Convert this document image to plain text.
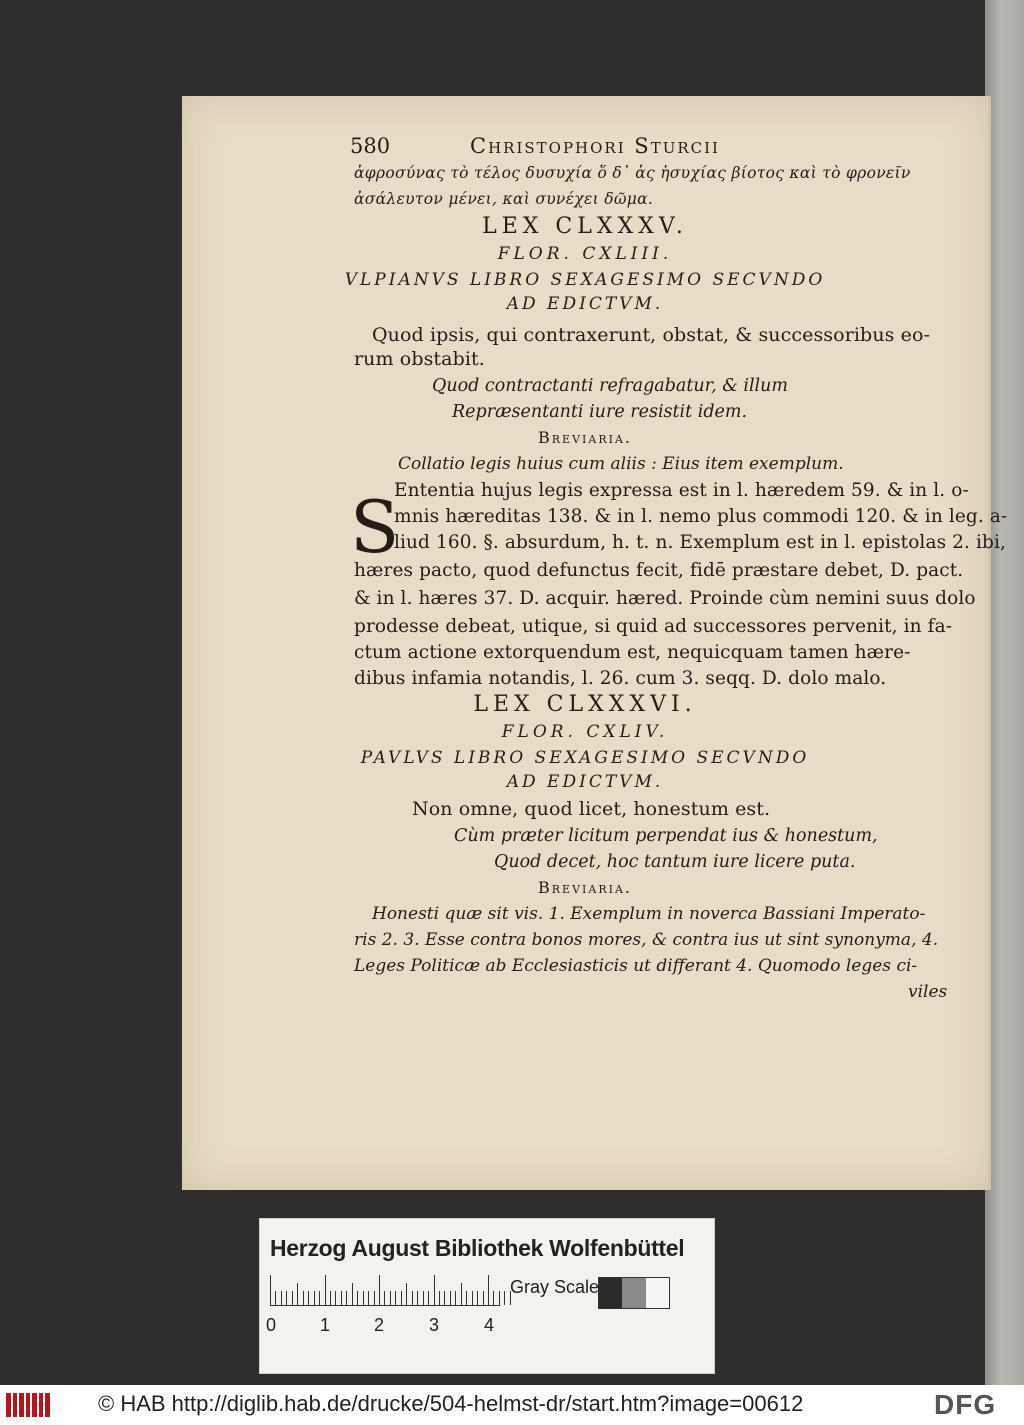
580	Christophori Sturcii
ἀφροσύνας τὸ τέλος δυσυχία ὅ δ᾽ ἁς ἡσυχίας βίοτος καὶ τὸ φρονεῖν
ἀσάλευτον μένει, καὶ συνέχει δῶμα.
LEX CLXXXV.
FLOR. CXLIII.
VLPIANVS LIBRO SEXAGESIMO SECVNDO
AD EDICTVM.
Quod ipsis, qui contraxerunt, obstat, & successoribus eo-
rum obstabit.
Quod contractanti refragabatur, & illum
Repræsentanti iure resistit idem.
Breviaria.
Collatio legis huius cum aliis : Eius item exemplum.
S
Ententia hujus legis expressa est in l. hæredem 59. & in l. o-
mnis hæreditas 138. & in l. nemo plus commodi 120. & in leg. a-
liud 160. §. absurdum, h. t. n. Exemplum est in l. epistolas 2. ibi,
hæres pacto, quod defunctus fecit, fidē præstare debet, D. pact.
& in l. hæres 37. D. acquir. hæred. Proinde cùm nemini suus dolo
prodesse debeat, utique, si quid ad successores pervenit, in fa-
ctum actione extorquendum est, nequicquam tamen hære-
dibus infamia notandis, l. 26. cum 3. seqq. D. dolo malo.
LEX CLXXXVI.
FLOR. CXLIV.
PAVLVS LIBRO SEXAGESIMO SECVNDO
AD EDICTVM.
Non omne, quod licet, honestum est.
Cùm præter licitum perpendat ius & honestum,
Quod decet, hoc tantum iure licere puta.
Breviaria.
Honesti quæ sit vis. 1. Exemplum in noverca Bassiani Imperato-
ris 2. 3. Esse contra bonos mores, & contra ius ut sint synonyma, 4.
Leges Politicæ ab Ecclesiasticis ut differant 4. Quomodo leges ci-
viles
Herzog August Bibliothek Wolfenbüttel
0 1 2 3 4
Gray Scale
© HAB http://diglib.hab.de/drucke/504-helmst-dr/start.htm?image=00612	DFG
